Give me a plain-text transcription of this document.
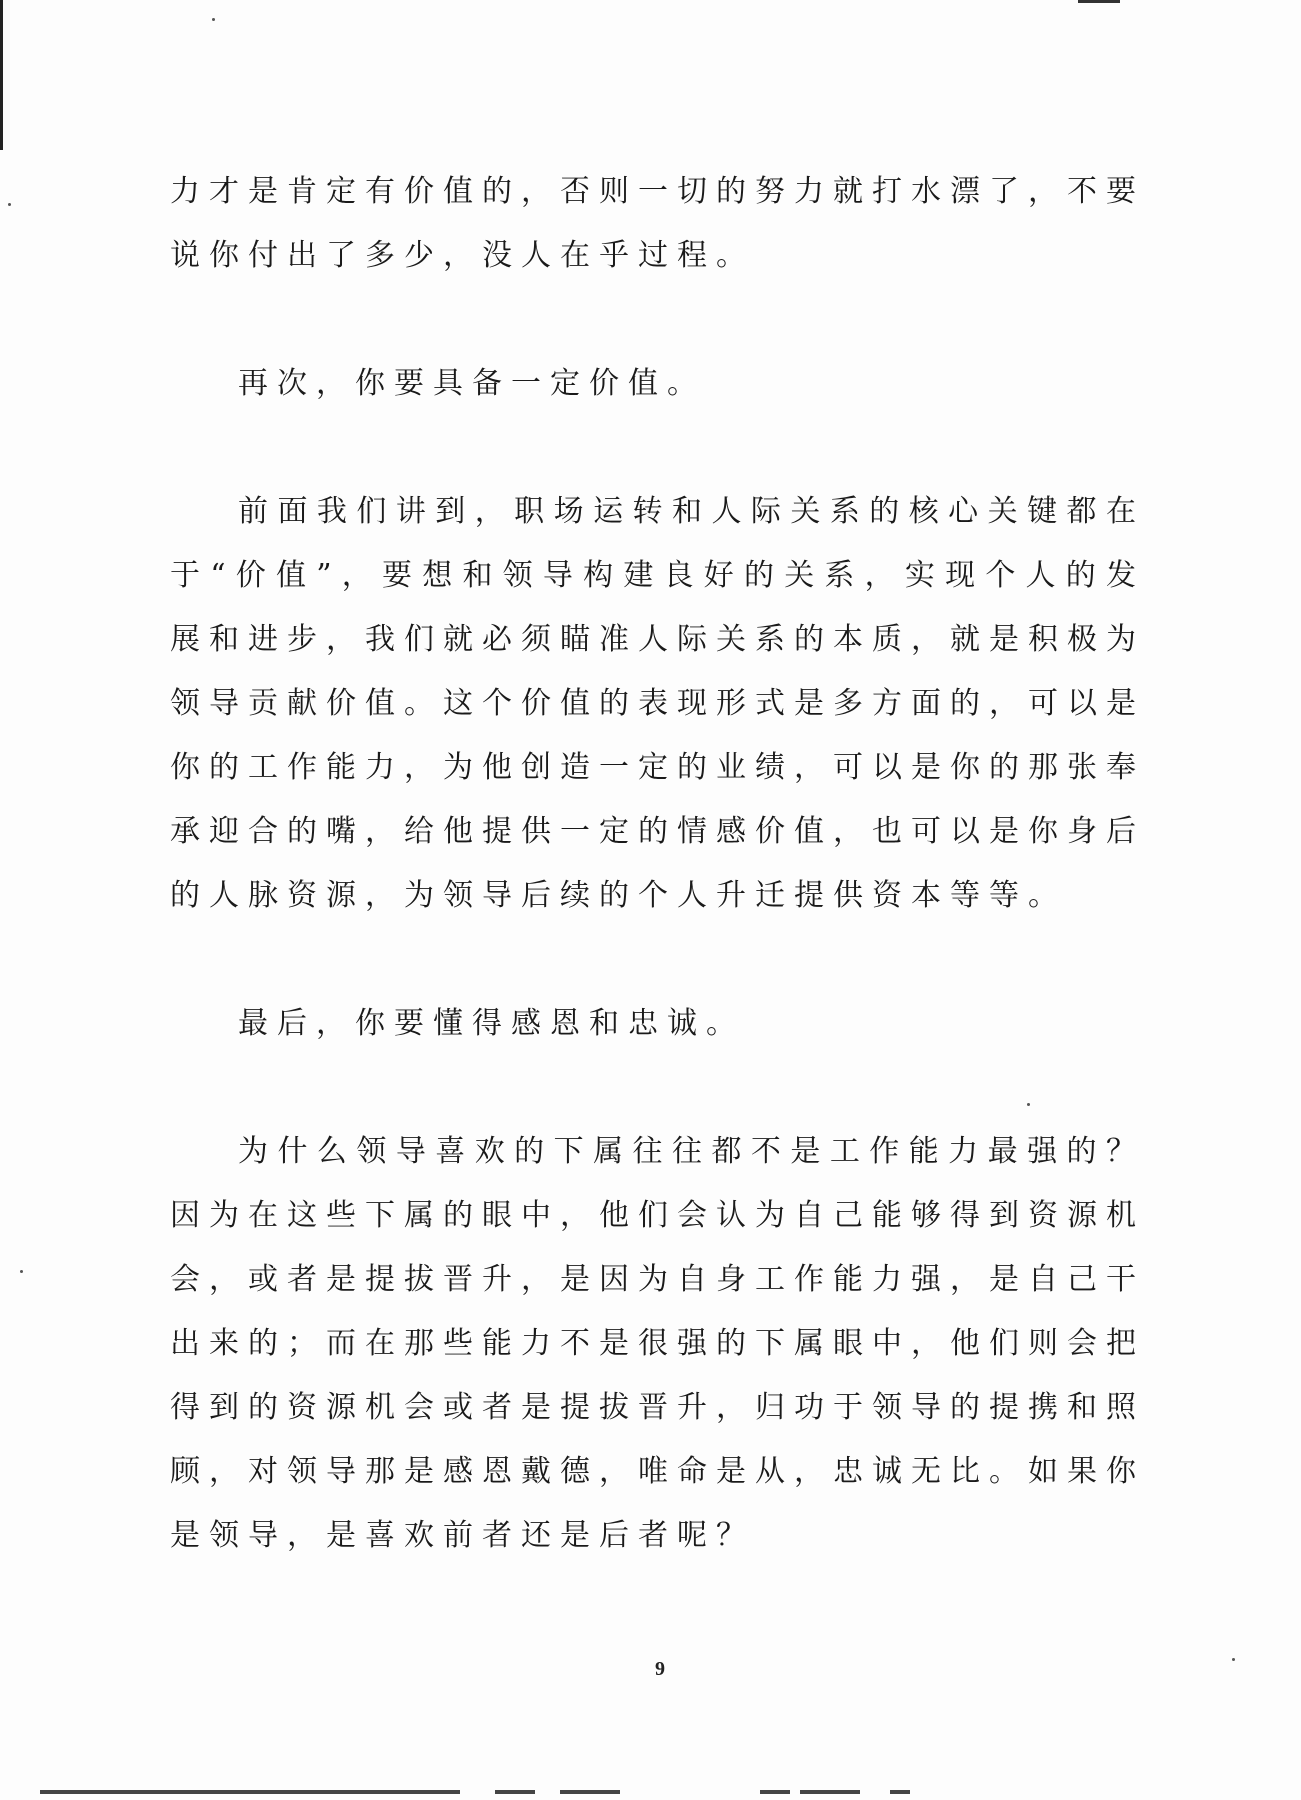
力才是肯定有价值的，否则一切的努力就打水漂了，不要说你付出了多少，没人在乎过程。

再次，你要具备一定价值。

前面我们讲到，职场运转和人际关系的核心关键都在于“价值”，要想和领导构建良好的关系，实现个人的发展和进步，我们就必须瞄准人际关系的本质，就是积极为领导贡献价值。这个价值的表现形式是多方面的，可以是你的工作能力，为他创造一定的业绩，可以是你的那张奉承迎合的嘴，给他提供一定的情感价值，也可以是你身后的人脉资源，为领导后续的个人升迁提供资本等等。

最后，你要懂得感恩和忠诚。

为什么领导喜欢的下属往往都不是工作能力最强的？因为在这些下属的眼中，他们会认为自己能够得到资源机会，或者是提拔晋升，是因为自身工作能力强，是自己干出来的；而在那些能力不是很强的下属眼中，他们则会把得到的资源机会或者是提拔晋升，归功于领导的提携和照顾，对领导那是感恩戴德，唯命是从，忠诚无比。如果你是领导，是喜欢前者还是后者呢？

9
